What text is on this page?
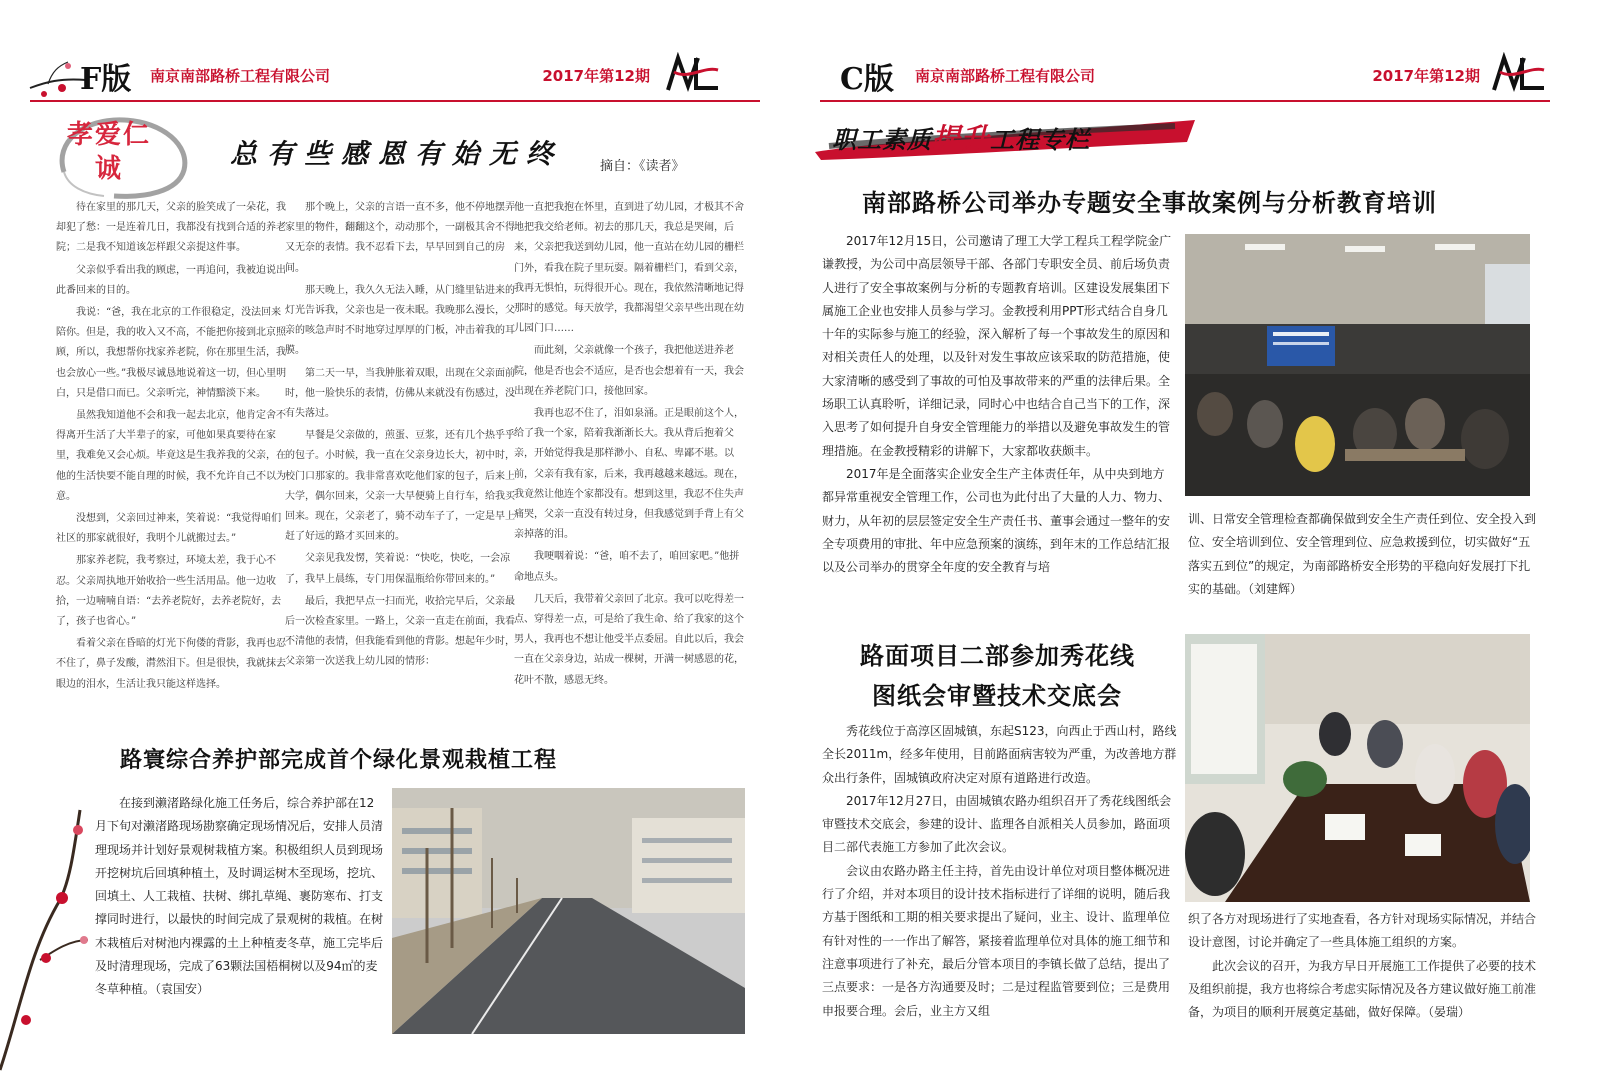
F版 南京南部路桥工程有限公司	2017年第12期
孝爱仁诚	总有些感恩有始无终	摘自：《读者》

待在家里的那几天，父亲的脸笑成了一朵花，我却犯了愁：一是连着几日，我都没有找到合适的养老院；二是我不知道该怎样跟父亲提这件事。

父亲似乎看出我的顾虑，一再追问，我被迫说出此番回来的目的。

我说：“爸，我在北京的工作很稳定，没法回来陪你。但是，我的收入又不高，不能把你接到北京照顾，所以，我想帮你找家养老院，你在那里生活，我也会放心一些。”我极尽诚恳地说着这一切，但心里明白，只是借口而已。父亲听完，神情黯淡下来。

虽然我知道他不会和我一起去北京，他肯定舍不得离开生活了大半辈子的家，可他如果真要待在家里，我难免又会心烦。毕竟这是生我养我的父亲，在他的生活快要不能自理的时候，我不允许自己不以为意。

没想到，父亲回过神来，笑着说：“我觉得咱们社区的那家就很好，我明个儿就搬过去。”

那家养老院，我考察过，环境太差，我于心不忍。父亲周执地开始收拾一些生活用品。他一边收拾，一边喃喃自语：“去养老院好，去养老院好，去了，孩子也省心。”

看着父亲在昏暗的灯光下佝偻的背影，我再也忍不住了，鼻子发酸，潸然泪下。但是很快，我就抹去眼边的泪水，生活让我只能这样选择。

那个晚上，父亲的言语一直不多，他不停地摆弄家里的物件，翻翻这个，动动那个，一副极其舍不得又无奈的表情。我不忍看下去，早早回到自己的房间。

那天晚上，我久久无法入睡，从门缝里钻进来的灯光告诉我，父亲也是一夜未眠。我晚那么漫长，父亲的咳急声时不时地穿过厚厚的门板，冲击着我的耳膜。

第二天一早，当我肿胀着双眼，出现在父亲面前时，他一脸快乐的表情，仿佛从来就没有伤感过，没有失落过。

早餐是父亲做的，煎蛋、豆浆，还有几个热乎乎的包子。小时候，我一直在父亲身边长大，初中时，校门口那家的。我非常喜欢吃他们家的包子，后来上大学，偶尔回来，父亲一大早便骑上自行车，给我买回来。现在，父亲老了，骑不动车子了，一定是早上赶了好远的路才买回来的。

父亲见我发愣，笑着说：“快吃，快吃，一会凉了，我早上晨练，专门用保温瓶给你带回来的。”

最后，我把早点一扫而光，收拾完早后，父亲最后一次检查家里。一路上，父亲一直走在前面，我看不清他的表情，但我能看到他的背影。想起年少时，父亲第一次送我上幼儿园的情形：

他一直把我抱在怀里，直到进了幼儿园，才极其不舍地把我交给老师。初去的那几天，我总是哭闹，后来，父亲把我送到幼儿园，他一直站在幼儿园的栅栏门外，看我在院子里玩耍。隔着栅栏门，看到父亲，我再无惧怕，玩得很开心。现在，我依然清晰地记得那时的感觉。每天放学，我都渴望父亲早些出现在幼儿园门口……

而此刻，父亲就像一个孩子，我把他送进养老院，他是否也会不适应，是否也会想着有一天，我会出现在养老院门口，接他回家。

我再也忍不住了，泪如泉涌。正是眼前这个人，给了我一个家，陪着我渐渐长大。我从背后抱着父亲，开始觉得我是那样渺小、自私、卑鄙不堪。以前，父亲有我有家，后来，我再越越来越远。现在，我竟然让他连个家都没有。想到这里，我忍不住失声痛哭，父亲一直没有转过身，但我感觉到手背上有父亲掉落的泪。

我哽咽着说：“爸，咱不去了，咱回家吧。”他拼命地点头。

几天后，我带着父亲回了北京。我可以吃得差一点、穿得差一点，可是给了我生命、给了我家的这个男人，我再也不想让他受半点委屈。自此以后，我会一直在父亲身边，站成一棵树，开满一树感恩的花，花叶不散，感恩无终。

路寰综合养护部完成首个绿化景观栽植工程

在接到濑渚路绿化施工任务后，综合养护部在12月下旬对濑渚路现场勘察确定现场情况后，安排人员清理现场并计划好景观树栽植方案。积极组织人员到现场开挖树坑后回填种植土，及时调运树木至现场，挖坑、回填土、人工栽植、扶树、绑扎草绳、裹防寒布、打支撑同时进行，以最快的时间完成了景观树的栽植。在树木栽植后对树池内裸露的土上种植麦冬草，施工完毕后及时清理现场，完成了63颗法国梧桐树以及94㎡的麦冬草种植。（袁国安）

C版 南京南部路桥工程有限公司	2017年第12期
职工素质提升工程专栏
南部路桥公司举办专题安全事故案例与分析教育培训

2017年12月15日，公司邀请了理工大学工程兵工程学院金广谦教授，为公司中高层领导干部、各部门专职安全员、前后场负责人进行了安全事故案例与分析的专题教育培训。区建设发展集团下属施工企业也安排人员参与学习。金教授利用PPT形式结合自身几十年的实际参与施工的经验，深入解析了每一个事故发生的原因和对相关责任人的处理，以及针对发生事故应该采取的防范措施，使大家清晰的感受到了事故的可怕及事故带来的严重的法律后果。全场职工认真聆听，详细记录，同时心中也结合自己当下的工作，深入思考了如何提升自身安全管理能力的举措以及避免事故发生的管理措施。在金教授精彩的讲解下，大家都收获颇丰。

2017年是全面落实企业安全生产主体责任年，从中央到地方都异常重视安全管理工作，公司也为此付出了大量的人力、物力、财力，从年初的层层签定安全生产责任书、董事会通过一整年的安全专项费用的审批、年中应急预案的演练，到年末的工作总结汇报以及公司举办的贯穿全年度的安全教育与培

训、日常安全管理检查都确保做到安全生产责任到位、安全投入到位、安全培训到位、安全管理到位、应急救援到位，切实做好“五落实五到位”的规定，为南部路桥安全形势的平稳向好发展打下扎实的基础。（刘建辉）

路面项目二部参加秀花线
图纸会审暨技术交底会

秀花线位于高淳区固城镇，东起S123，向西止于西山村，路线全长2011m，经多年使用，目前路面病害较为严重，为改善地方群众出行条件，固城镇政府决定对原有道路进行改造。

2017年12月27日，由固城镇农路办组织召开了秀花线图纸会审暨技术交底会，参建的设计、监理各自派相关人员参加，路面项目二部代表施工方参加了此次会议。

会议由农路办路主任主持，首先由设计单位对项目整体概况进行了介绍，并对本项目的设计技术指标进行了详细的说明，随后我方基于图纸和工期的相关要求提出了疑问，业主、设计、监理单位有针对性的一一作出了解答，紧接着监理单位对具体的施工细节和注意事项进行了补充，最后分管本项目的李镇长做了总结，提出了三点要求：一是各方沟通要及时；二是过程监管要到位；三是费用申报要合理。会后，业主方又组

织了各方对现场进行了实地查看，各方针对现场实际情况，并结合设计意图，讨论并确定了一些具体施工组织的方案。

此次会议的召开，为我方早日开展施工工作提供了必要的技术及组织前提，我方也将综合考虑实际情况及各方建议做好施工前准备，为项目的顺利开展奠定基础，做好保障。（晏瑞）
